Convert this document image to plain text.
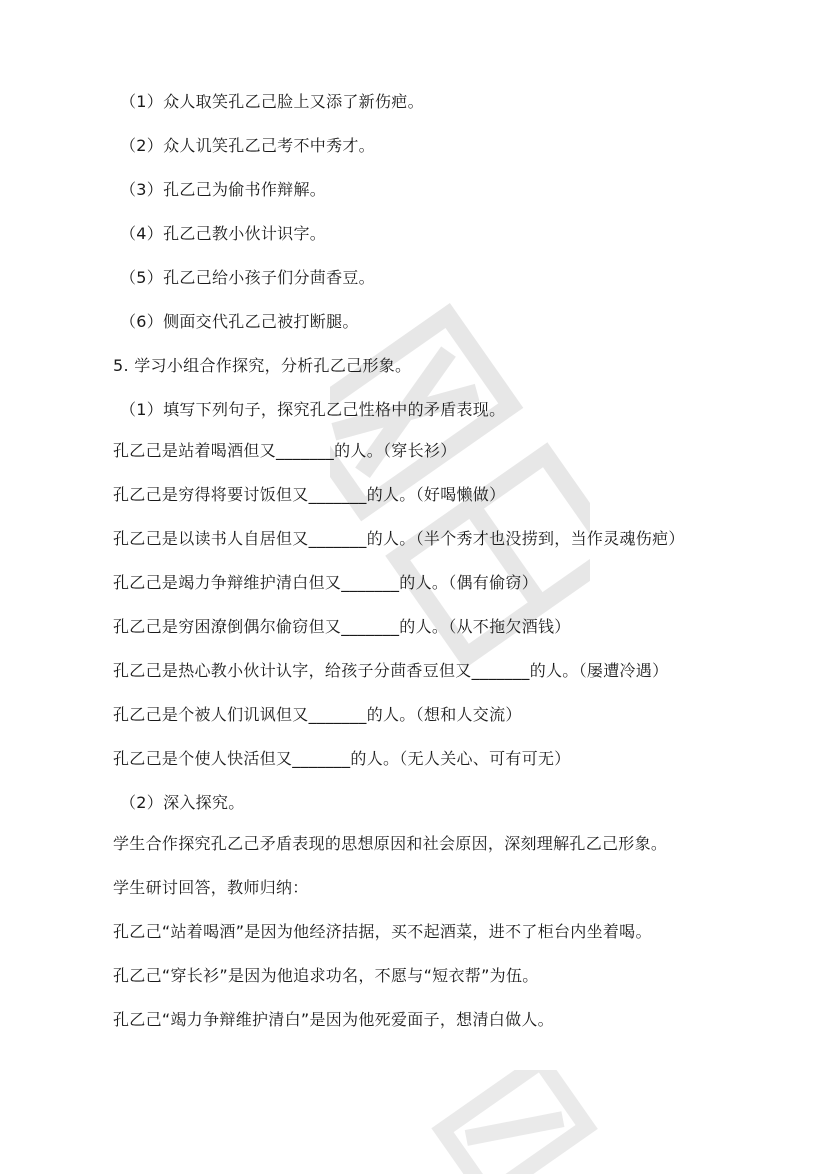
（1）众人取笑孔乙己脸上又添了新伤疤。
（2）众人讥笑孔乙己考不中秀才。
（3）孔乙己为偷书作辩解。
（4）孔乙己教小伙计识字。
（5）孔乙己给小孩子们分茴香豆。
（6）侧面交代孔乙己被打断腿。
5. 学习小组合作探究，分析孔乙己形象。
（1）填写下列句子，探究孔乙己性格中的矛盾表现。
孔乙己是站着喝酒但又_______的人。（穿长衫）
孔乙己是穷得将要讨饭但又_______的人。（好喝懒做）
孔乙己是以读书人自居但又_______的人。（半个秀才也没捞到，当作灵魂伤疤）
孔乙己是竭力争辩维护清白但又_______的人。（偶有偷窃）
孔乙己是穷困潦倒偶尔偷窃但又_______的人。（从不拖欠酒钱）
孔乙己是热心教小伙计认字，给孩子分茴香豆但又_______的人。（屡遭冷遇）
孔乙己是个被人们讥讽但又_______的人。（想和人交流）
孔乙己是个使人快活但又_______的人。（无人关心、可有可无）
（2）深入探究。
学生合作探究孔乙己矛盾表现的思想原因和社会原因，深刻理解孔乙己形象。
学生研讨回答，教师归纳：
孔乙己“站着喝酒”是因为他经济拮据，买不起酒菜，进不了柜台内坐着喝。
孔乙己“穿长衫”是因为他追求功名，不愿与“短衣帮”为伍。
孔乙己“竭力争辩维护清白”是因为他死爱面子，想清白做人。
